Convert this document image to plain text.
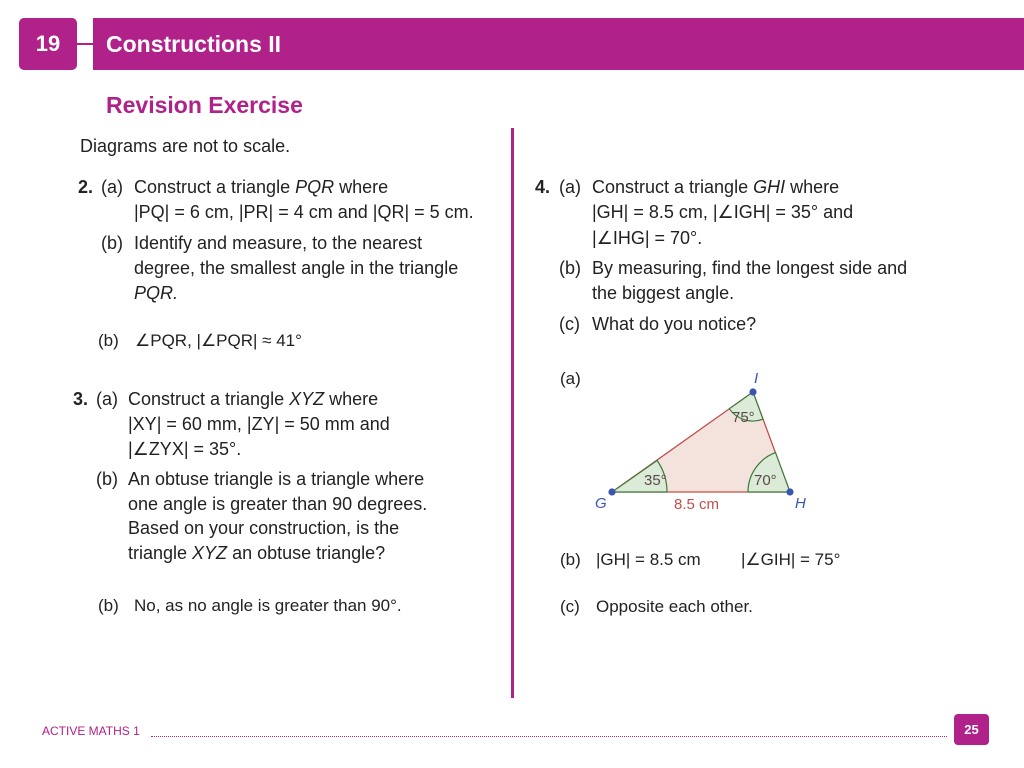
19	Constructions II
Revision Exercise
Diagrams are not to scale.
2. (a) Construct a triangle PQR where
|PQ| = 6 cm, |PR| = 4 cm and |QR| = 5 cm.
(b) Identify and measure, to the nearest
degree, the smallest angle in the triangle
PQR.
(b) ∠PQR, |∠PQR| ≈ 41°
3. (a) Construct a triangle XYZ where
|XY| = 60 mm, |ZY| = 50 mm and
|∠ZYX| = 35°.
(b) An obtuse triangle is a triangle where
one angle is greater than 90 degrees.
Based on your construction, is the
triangle XYZ an obtuse triangle?
(b) No, as no angle is greater than 90°.
4. (a) Construct a triangle GHI where
|GH| = 8.5 cm, |∠IGH| = 35° and
|∠IHG| = 70°.
(b) By measuring, find the longest side and
the biggest angle.
(c) What do you notice?
(a)
G	H
I
35°	70°
75°
8.5 cm
(b) |GH| = 8.5 cm |∠GIH| = 75°
(c) Opposite each other.
ACTIVE MATHS 1	25
